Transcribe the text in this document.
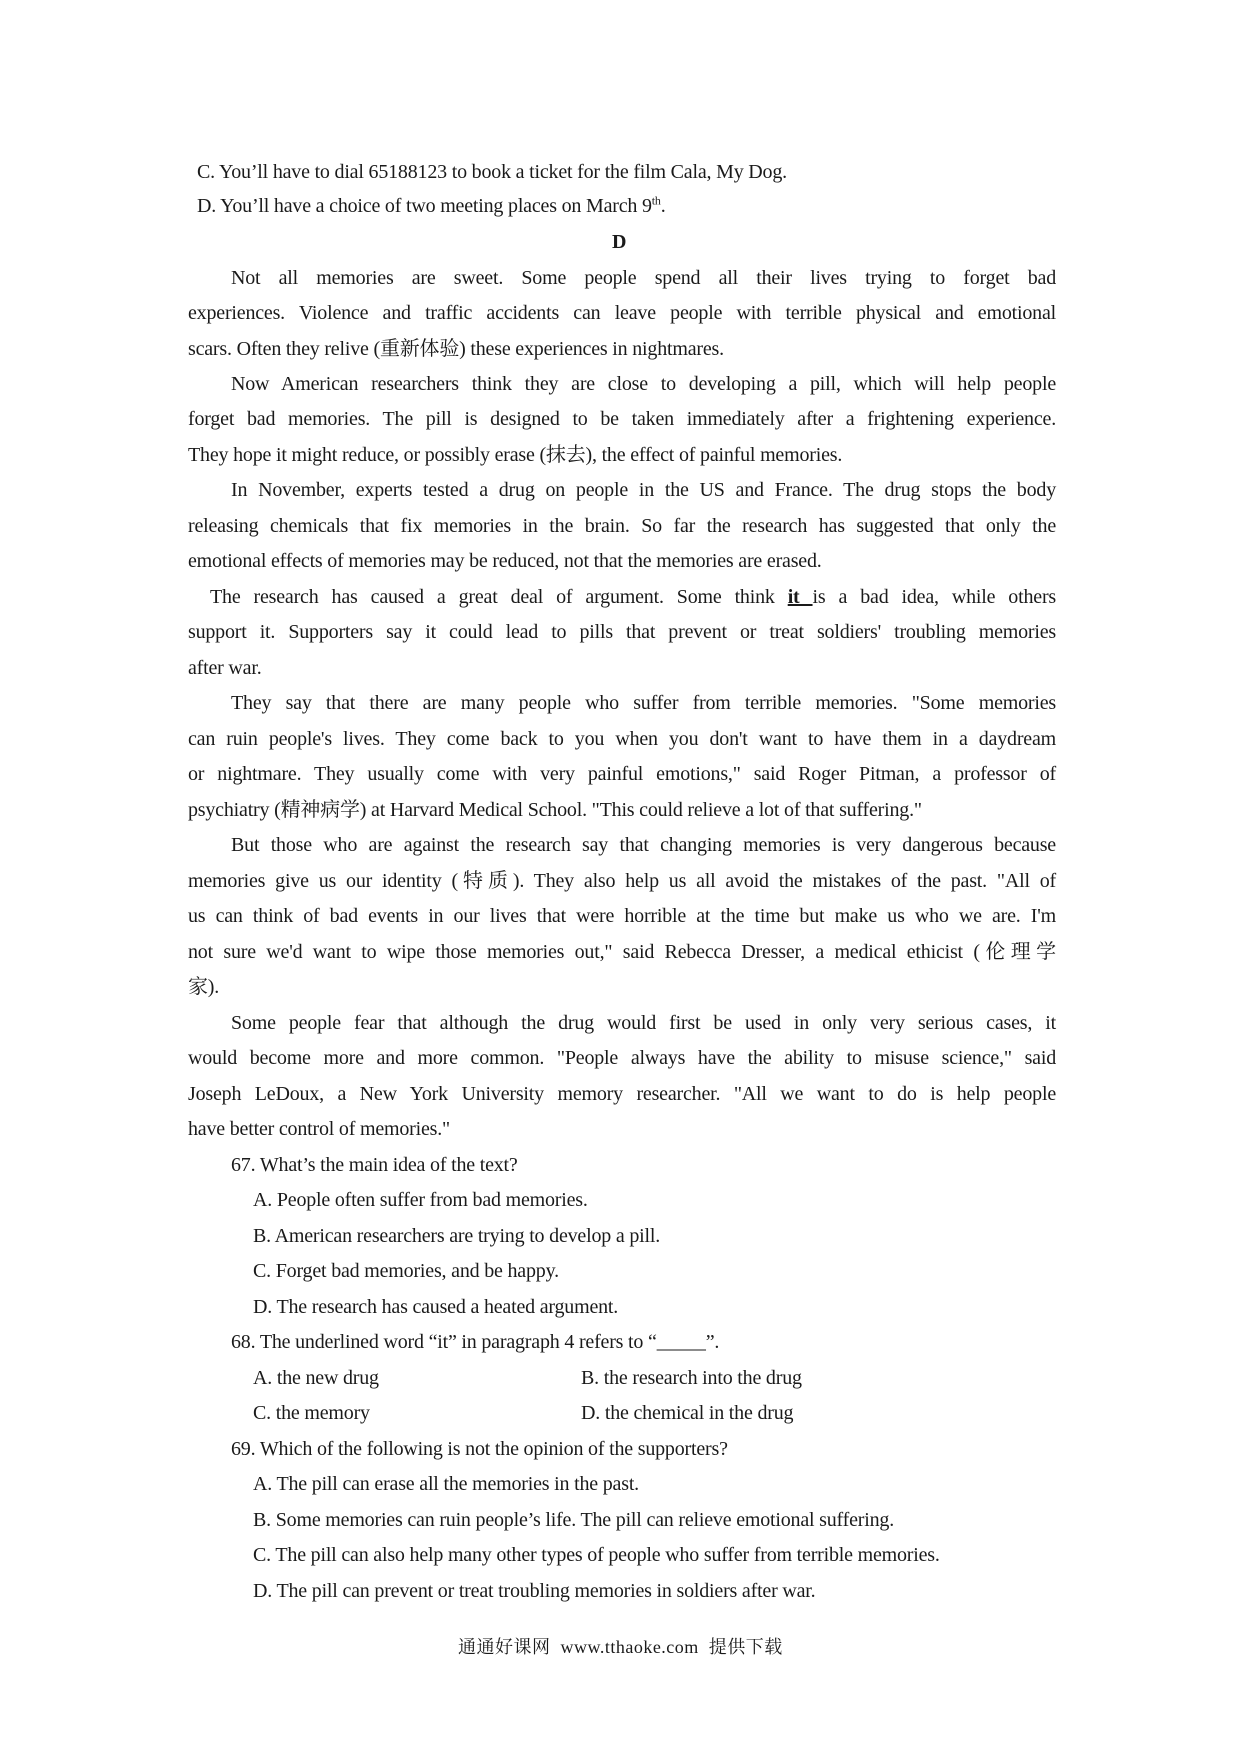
C. You’ll have to dial 65188123 to book a ticket for the film Cala, My Dog.
D. You’ll have a choice of two meeting places on March 9th.
D
Not all memories are sweet. Some people spend all their lives trying to forget bad
experiences. Violence and traffic accidents can leave people with terrible physical and emotional
scars. Often they relive (重新体验) these experiences in nightmares.
Now American researchers think they are close to developing a pill, which will help people
forget bad memories. The pill is designed to be taken immediately after a frightening experience.
They hope it might reduce, or possibly erase (抹去), the effect of painful memories.
In November, experts tested a drug on people in the US and France. The drug stops the body
releasing chemicals that fix memories in the brain. So far the research has suggested that only the
emotional effects of memories may be reduced, not that the memories are erased.
The research has caused a great deal of argument. Some think it is a bad idea, while others
support it. Supporters say it could lead to pills that prevent or treat soldiers' troubling memories
after war.
They say that there are many people who suffer from terrible memories. "Some memories
can ruin people's lives. They come back to you when you don't want to have them in a daydream
or nightmare. They usually come with very painful emotions," said Roger Pitman, a professor of
psychiatry (精神病学) at Harvard Medical School. "This could relieve a lot of that suffering."
But those who are against the research say that changing memories is very dangerous because
memories give us our identity (特质). They also help us all avoid the mistakes of the past. "All of
us can think of bad events in our lives that were horrible at the time but make us who we are. I'm
not sure we'd want to wipe those memories out," said Rebecca Dresser, a medical ethicist (伦理学
家).
Some people fear that although the drug would first be used in only very serious cases, it
would become more and more common. "People always have the ability to misuse science," said
Joseph LeDoux, a New York University memory researcher. "All we want to do is help people
have better control of memories."
67. What’s the main idea of the text?
A. People often suffer from bad memories.
B. American researchers are trying to develop a pill.
C. Forget bad memories, and be happy.
D. The research has caused a heated argument.
68. The underlined word “it” in paragraph 4 refers to “_____”.
A. the new drug	B. the research into the drug
C. the memory	D. the chemical in the drug
69. Which of the following is not the opinion of the supporters?
A. The pill can erase all the memories in the past.
B. Some memories can ruin people’s life. The pill can relieve emotional suffering.
C. The pill can also help many other types of people who suffer from terrible memories.
D. The pill can prevent or treat troubling memories in soldiers after war.
通通好课网  www.tthaoke.com  提供下载
